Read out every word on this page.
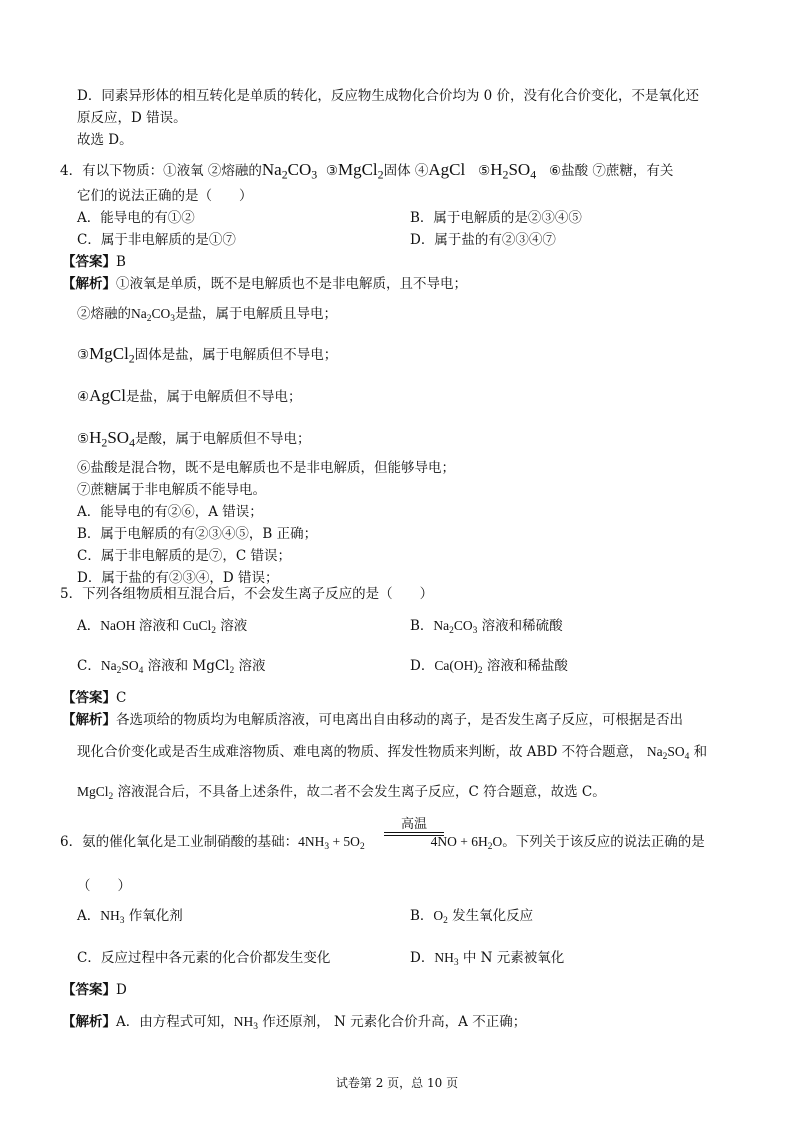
D．同素异形体的相互转化是单质的转化，反应物生成物化合价均为 0 价，没有化合价变化，不是氧化还
原反应，D 错误。
故选 D。
4．有以下物质：①液氧 ②熔融的$Na_2CO_3$ ③MgCl$_2$固体 ④AgCl $⑤H_2SO_4$ ⑥盐酸 ⑦蔗糖，有关
它们的说法正确的是（　　）
A．能导电的有①②	B．属于电解质的是②③④⑤
C．属于非电解质的是①⑦	D．属于盐的有②③④⑦
【答案】B
【解析】①液氧是单质，既不是电解质也不是非电解质，且不导电；
②熔融的$Na_2CO_3$是盐，属于电解质且导电；
③MgCl$_2$固体是盐，属于电解质但不导电；
④AgCl是盐，属于电解质但不导电；
$⑤H_2SO_4$是酸，属于电解质但不导电；
⑥盐酸是混合物，既不是电解质也不是非电解质，但能够导电；
⑦蔗糖属于非电解质不能导电。
A．能导电的有②⑥，A 错误；
B．属于电解质的有②③④⑤，B 正确；
C．属于非电解质的是⑦，C 错误；
D．属于盐的有②③④，D 错误；
5．下列各组物质相互混合后，不会发生离子反应的是（　　）
A．NaOH 溶液和 CuCl$_2$ 溶液	B．$Na_2CO_3$ 溶液和稀硫酸
C．$Na_2SO_4$ 溶液和 MgCl$_2$ 溶液	D．$Ca(OH)_2$ 溶液和稀盐酸
【答案】C
【解析】各选项给的物质均为电解质溶液，可电离出自由移动的离子，是否发生离子反应，可根据是否出
现化合价变化或是否生成难溶物质、难电离的物质、挥发性物质来判断，故 ABD 不符合题意， $Na_2SO_4$ 和
MgCl$_2$ 溶液混合后，不具备上述条件，故二者不会发生离子反应，C 符合题意，故选 C。
6．氨的催化氧化是工业制硝酸的基础：$4NH_3 + 5O_2$	$4NO + 6H_2O$。下列关于该反应的说法正确的是
高温
（　　）
A．$NH_3$ 作氧化剂	B．$O_2$ 发生氧化反应
C．反应过程中各元素的化合价都发生变化	D．$NH_3$ 中 N 元素被氧化
【答案】D
【解析】A．由方程式可知，$NH_3$ 作还原剂， N 元素化合价升高，A 不正确；
试卷第 2 页，总 10 页
